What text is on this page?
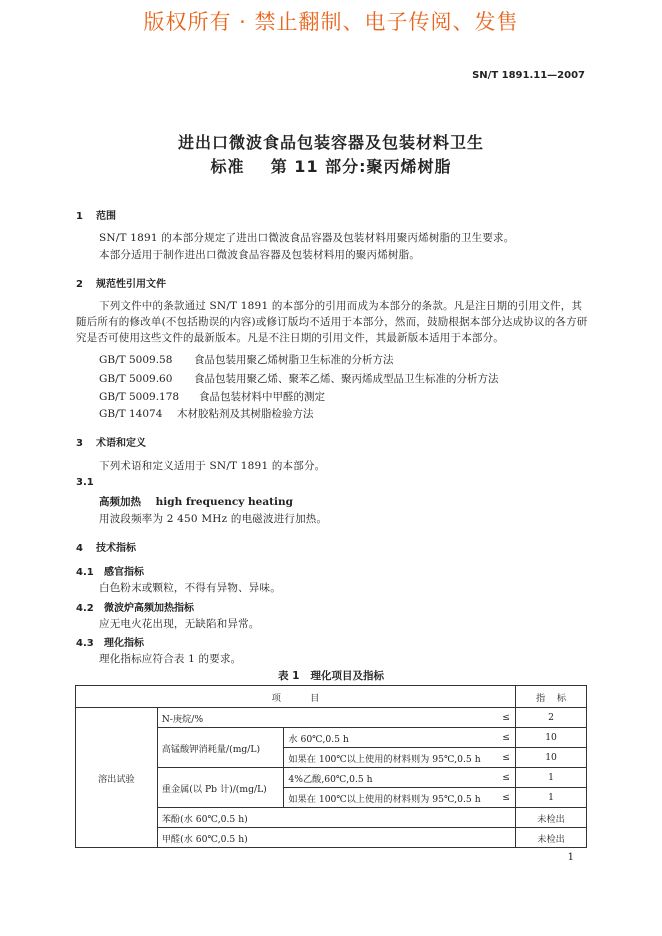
版权所有 · 禁止翻制、电子传阅、发售
SN/T 1891.11—2007
进出口微波食品包装容器及包装材料卫生
标准    第 11 部分:聚丙烯树脂
1 范围
SN/T 1891 的本部分规定了进出口微波食品容器及包装材料用聚丙烯树脂的卫生要求。
本部分适用于制作进出口微波食品容器及包装材料用的聚丙烯树脂。
2 规范性引用文件
下列文件中的条款通过 SN/T 1891 的本部分的引用而成为本部分的条款。凡是注日期的引用文件，其随后所有的修改单(不包括勘误的内容)或修订版均不适用于本部分，然而，鼓励根据本部分达成协议的各方研究是否可使用这些文件的最新版本。凡是不注日期的引用文件，其最新版本适用于本部分。
GB/T 5009.58 食品包装用聚乙烯树脂卫生标准的分析方法
GB/T 5009.60 食品包装用聚乙烯、聚苯乙烯、聚丙烯成型品卫生标准的分析方法
GB/T 5009.178 食品包装材料中甲醛的测定
GB/T 14074 木材胶粘剂及其树脂检验方法
3 术语和定义
下列术语和定义适用于 SN/T 1891 的本部分。
3.1
高频加热    high frequency heating
用波段频率为 2 450 MHz 的电磁波进行加热。
4 技术指标
4.1 感官指标
白色粉末或颗粒，不得有异物、异味。
4.2 微波炉高频加热指标
应无电火花出现，无缺陷和异常。
4.3 理化指标
理化指标应符合表 1 的要求。
表 1   理化项目及指标
项          目				指    标
溶出试验	N-庚烷/%		≤	2
	高锰酸钾消耗量/(mg/L)	水 60℃,0.5 h	≤	10
		如果在 100℃以上使用的材料则为 95℃,0.5 h	≤	10
	重金属(以 Pb 计)/(mg/L)	4%乙酸,60℃,0.5 h	≤	1
		如果在 100℃以上使用的材料则为 95℃,0.5 h	≤	1
	苯酚(水 60℃,0.5 h)			未检出
	甲醛(水 60℃,0.5 h)			未检出
1
